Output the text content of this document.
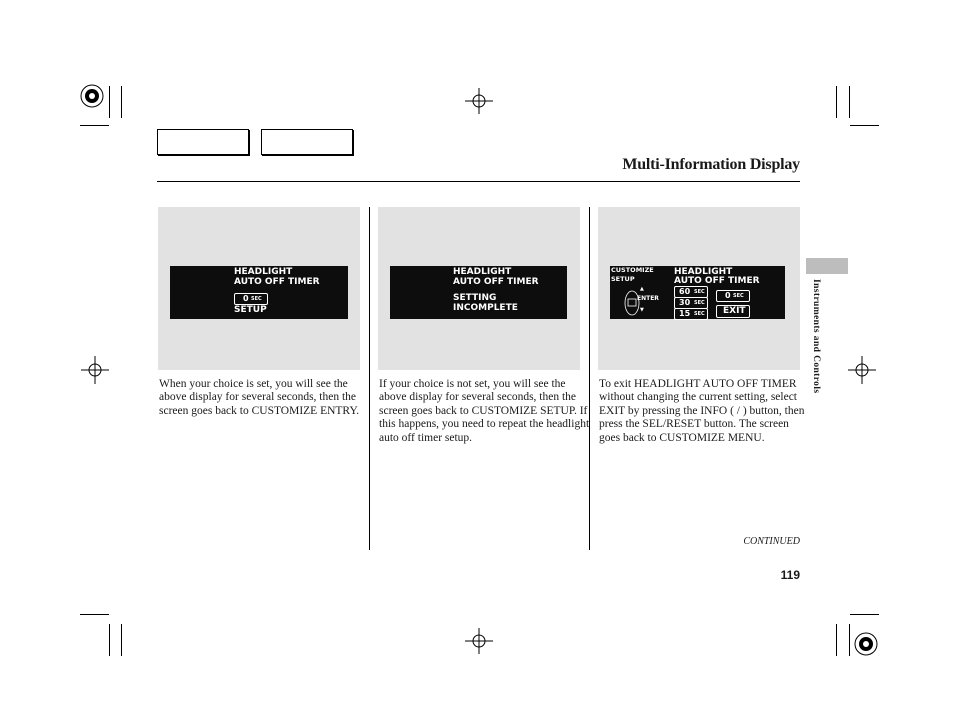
Multi-Information Display
HEADLIGHT
AUTO OFF TIMER
0 SEC
SETUP
HEADLIGHT
AUTO OFF TIMER
SETTING
INCOMPLETE
CUSTOMIZE
SETUP
▲
ENTER
▼
HEADLIGHT
AUTO OFF TIMER
60 SEC
30 SEC
15 SEC
0 SEC
EXIT
When your choice is set, you will see the above display for several seconds, then the screen goes back to CUSTOMIZE ENTRY.
If your choice is not set, you will see the above display for several seconds, then the screen goes back to CUSTOMIZE SETUP. If this happens, you need to repeat the headlight auto off timer setup.
To exit HEADLIGHT AUTO OFF TIMER without changing the current setting, select EXIT by pressing the INFO ( / ) button, then press the SEL/RESET button. The screen goes back to CUSTOMIZE MENU.
Instruments and Controls
CONTINUED
119
